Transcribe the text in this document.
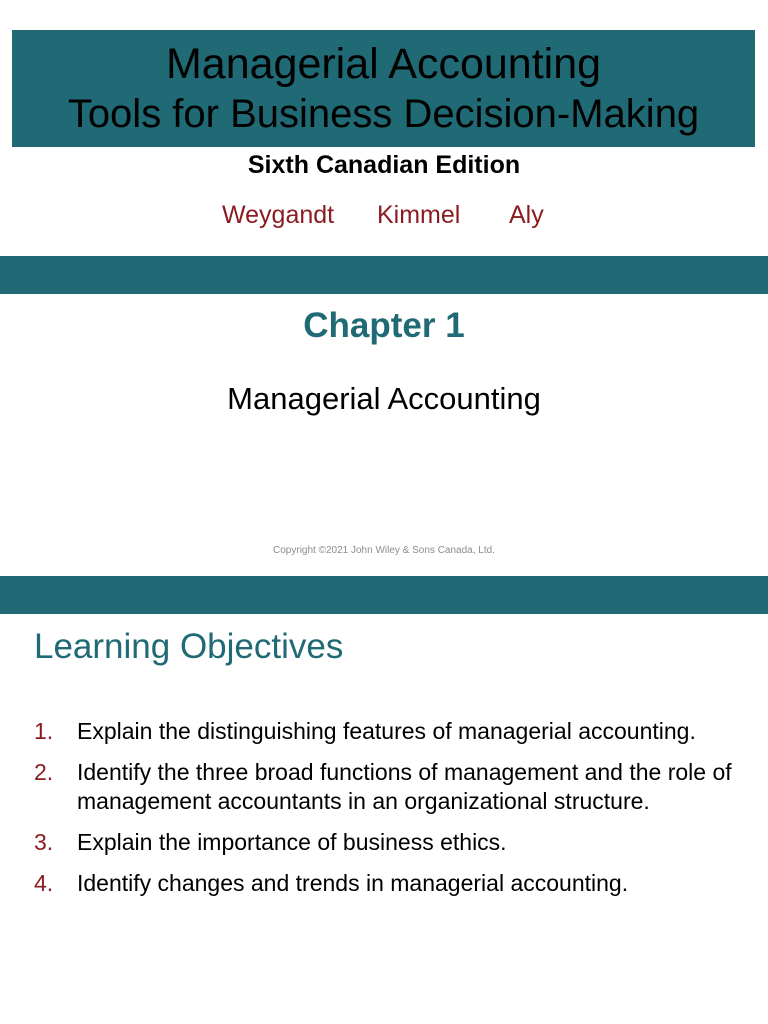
Managerial Accounting
Tools for Business Decision-Making
Sixth Canadian Edition
Weygandt Kimmel Aly
Chapter 1
Managerial Accounting
Copyright ©2021 John Wiley & Sons Canada, Ltd.
Learning Objectives
1. Explain the distinguishing features of managerial accounting.
2. Identify the three broad functions of management and the role of management accountants in an organizational structure.
3. Explain the importance of business ethics.
4. Identify changes and trends in managerial accounting.
